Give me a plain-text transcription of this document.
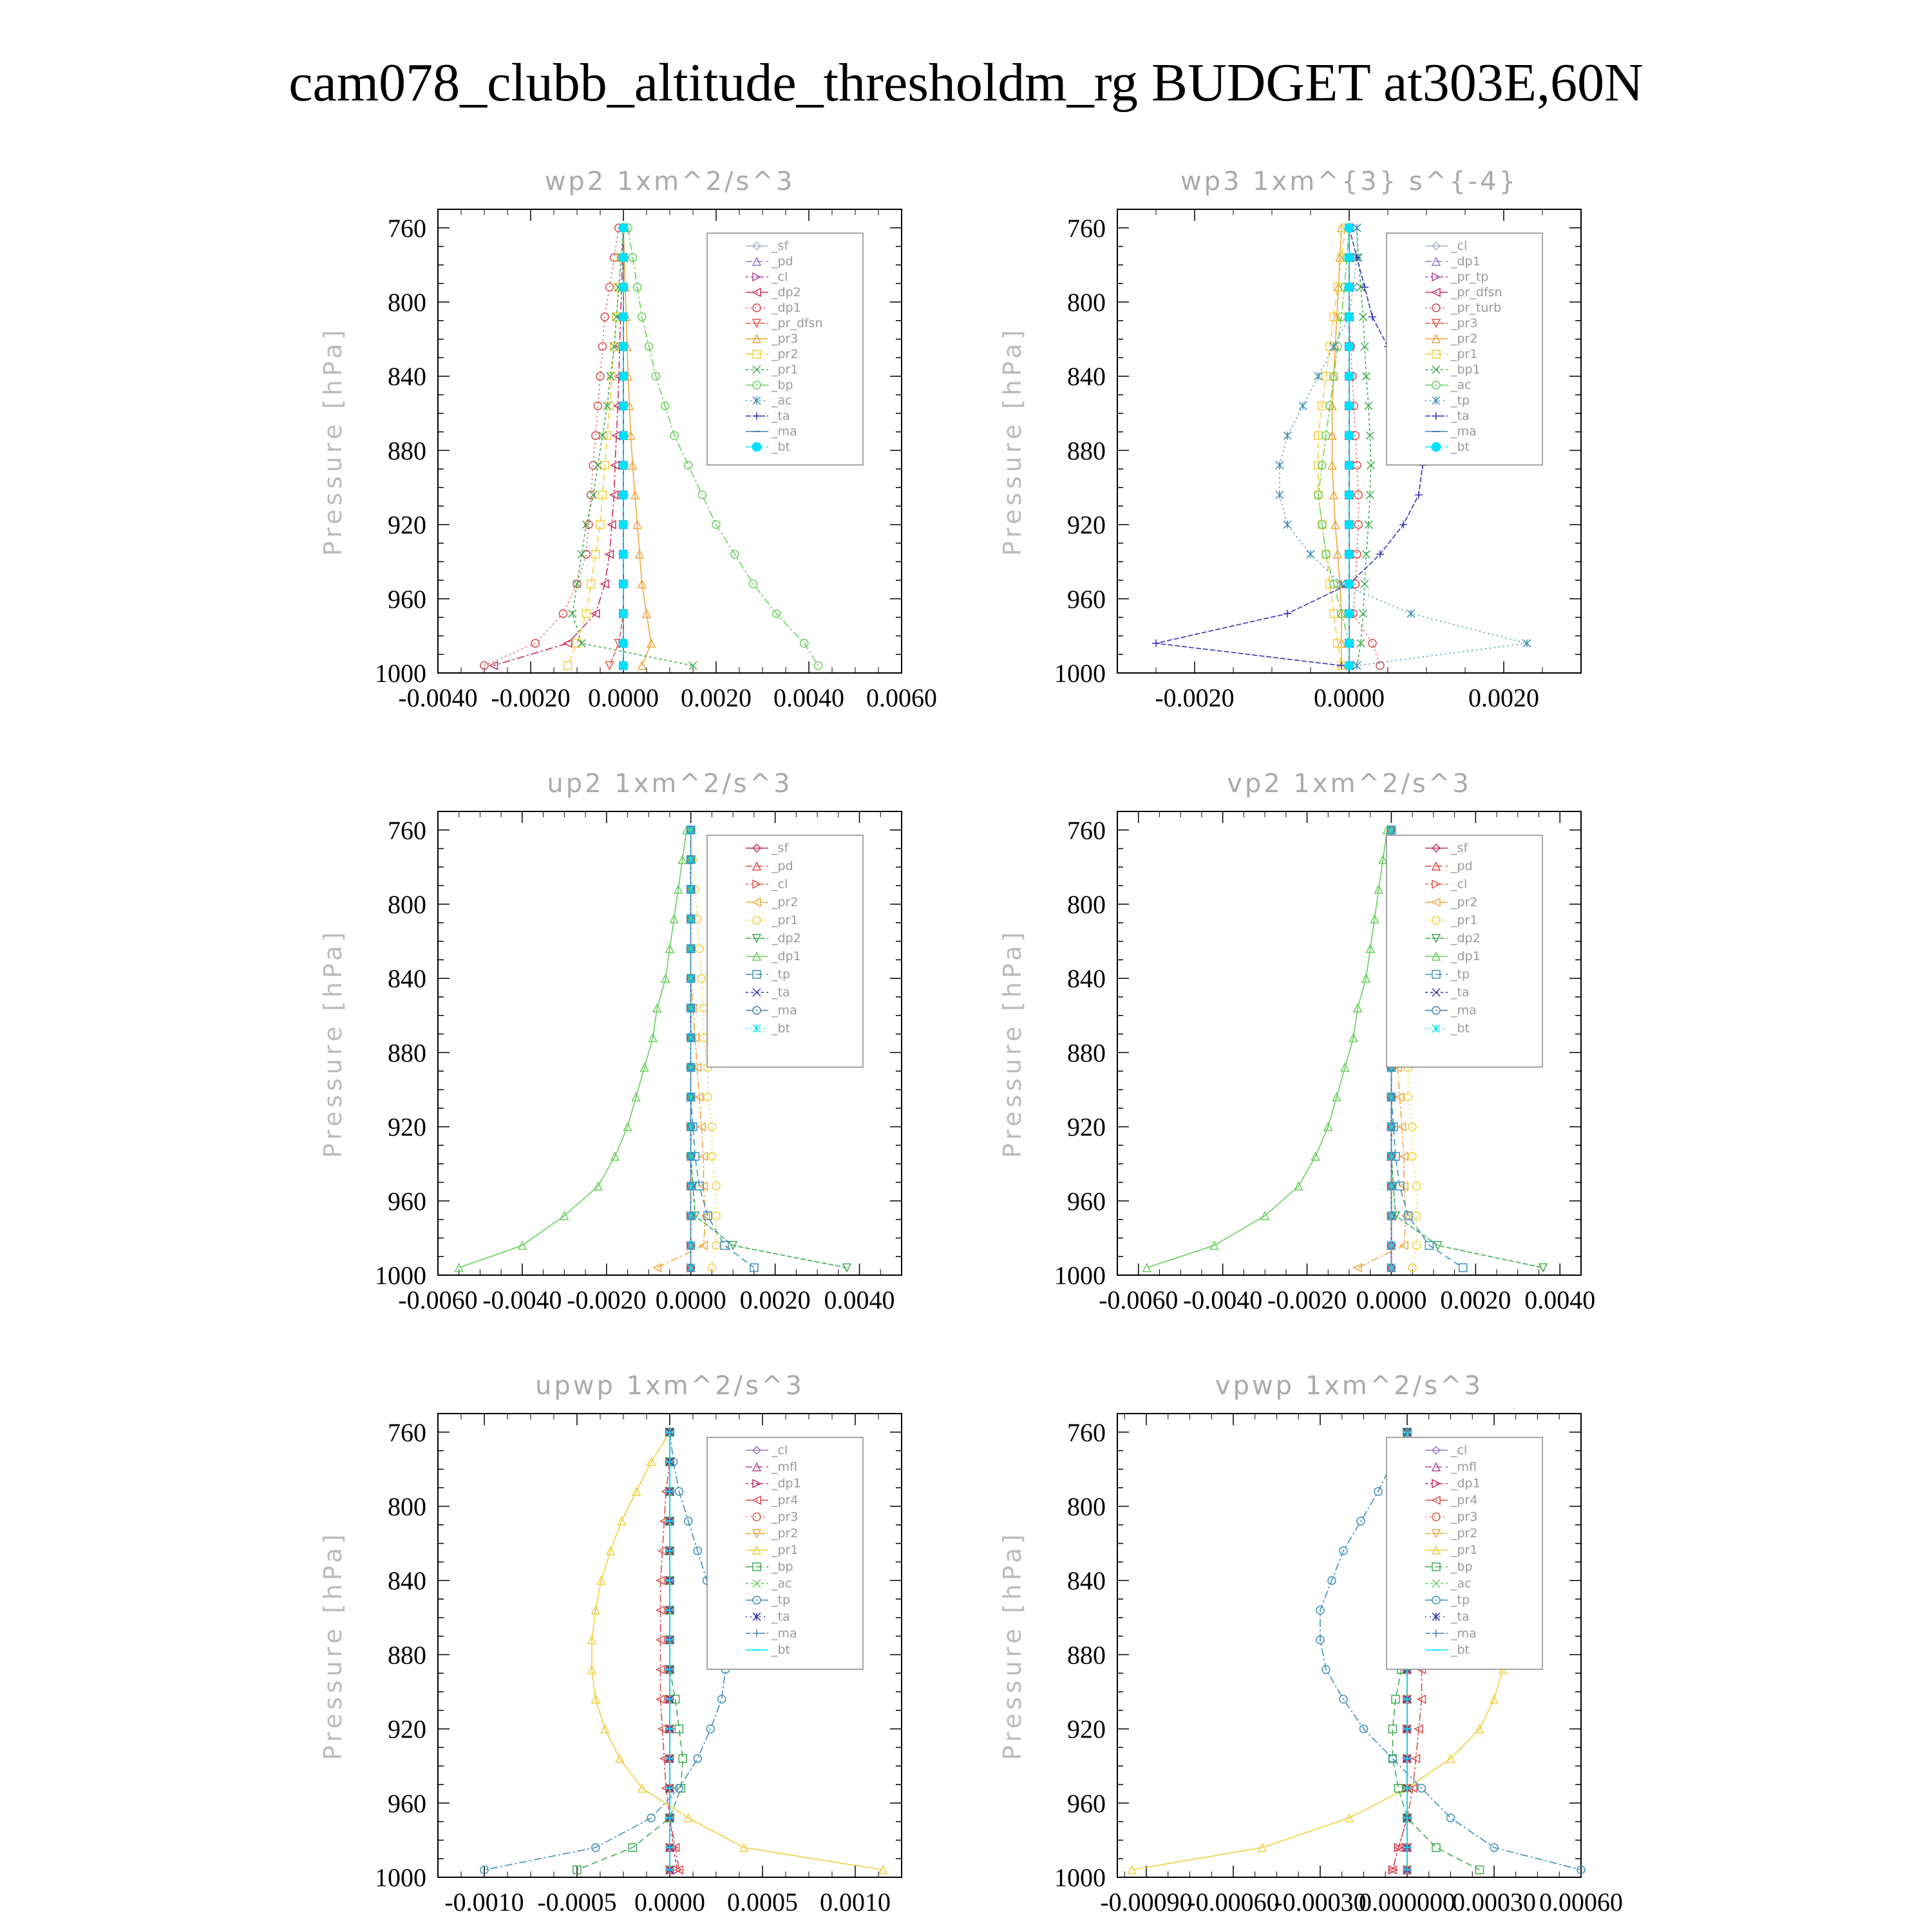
cam078_clubb_altitude_thresholdm_rg BUDGET at303E,60N
wp2 1xm^2/s^3
Pressure [hPa]
760
800
840
880
920
960
1000
-0.0040 -0.0020 0.0000 0.0020 0.0040 0.0060
_sf
_pd
_cl
_dp2
_dp1
_pr_dfsn
_pr3
_pr2
_pr1
_bp
_ac
_ta
_ma
_bt
wp3 1xm^{3} s^{-4}
Pressure [hPa]
760
800
840
880
920
960
1000
-0.0020	0.0000	0.0020
_cl
_dp1
_pr_tp
_pr_dfsn
_pr_turb
_pr3
_pr2
_pr1
_bp1
_ac
_tp
_ta
_ma
_bt
up2 1xm^2/s^3
Pressure [hPa]
760
800
840
880
920
960
1000
-0.0060 -0.0040 -0.0020 0.0000 0.0020 0.0040
_sf
_pd
_cl
_pr2
_pr1
_dp2
_dp1
_tp
_ta
_ma
_bt
vp2 1xm^2/s^3
Pressure [hPa]
760
800
840
880
920
960
1000
-0.0060 -0.0040 -0.0020 0.0000 0.0020 0.0040
_sf
_pd
_cl
_pr2
_pr1
_dp2
_dp1
_tp
_ta
_ma
_bt
upwp 1xm^2/s^3
Pressure [hPa]
760
800
840
880
920
960
1000
-0.0010 -0.0005 0.0000 0.0005 0.0010
_cl
_mfl
_dp1
_pr4
_pr3
_pr2
_pr1
_bp
_ac
_tp
_ta
_ma
_bt
vpwp 1xm^2/s^3
Pressure [hPa]
760
800
840
880
920
960
1000
-0.00090
-0.00060
-0.00030
0.000000
0.00030 0.00060
_cl
_mfl
_dp1
_pr4
_pr3
_pr2
_pr1
_bp
_ac
_tp
_ta
_ma
_bt
